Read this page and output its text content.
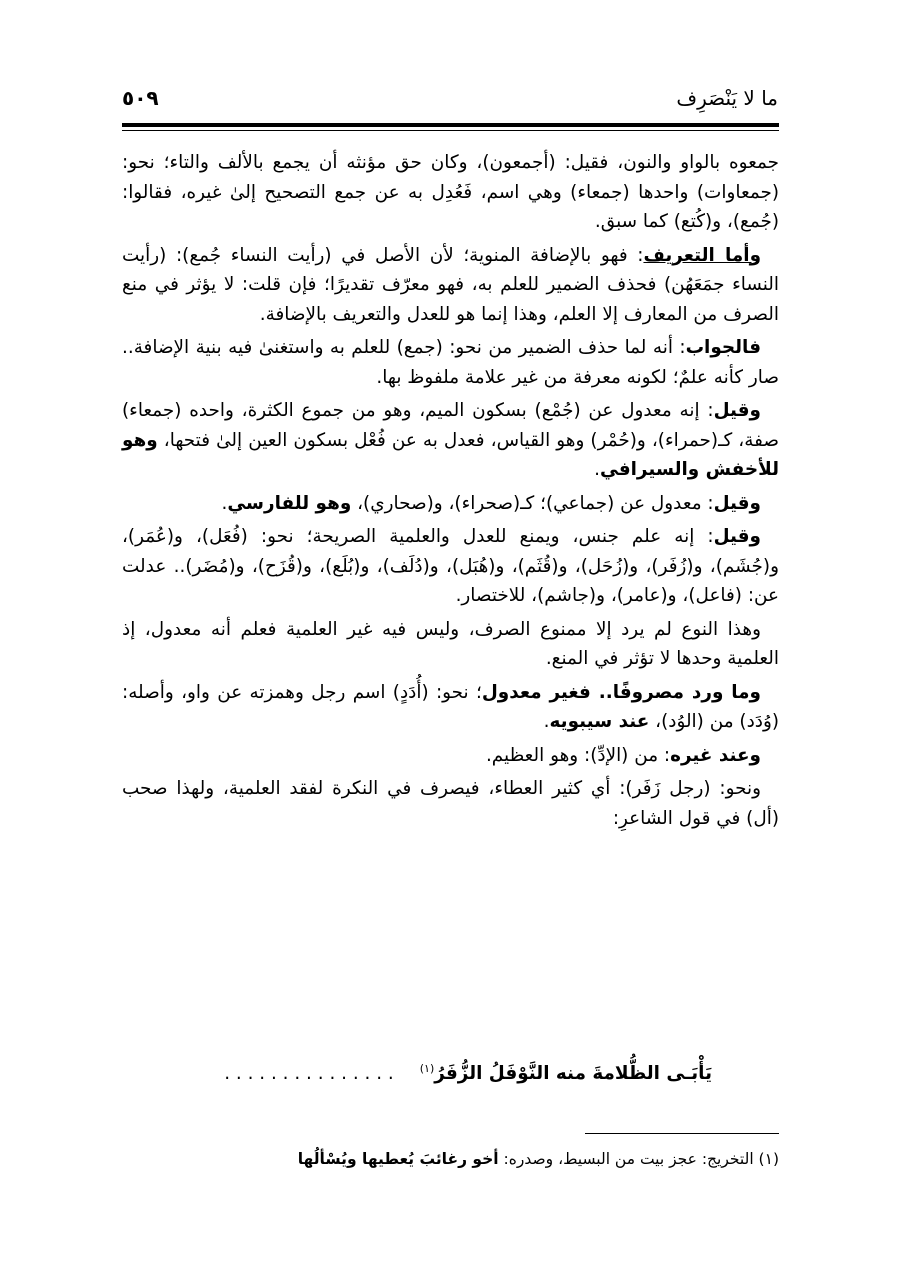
ما لا يَنْصَرِف
٥٠٩

جمعوه بالواو والنون، فقيل: (أجمعون)، وكان حق مؤنثه أن يجمع بالألف والتاء؛ نحو: (جمعاوات) واحدها (جمعاء) وهي اسم، فَعُدِل به عن جمع التصحيح إلىٰ غيره، فقالوا: (جُمع)، و(كُتع) كما سبق.

وأما التعريف: فهو بالإضافة المنوية؛ لأن الأصل في (رأيت النساء جُمع): (رأيت النساء جمَعَهُن) فحذف الضمير للعلم به، فهو معرّف تقديرًا؛ فإن قلت: لا يؤثر في منع الصرف من المعارف إلا العلم، وهذا إنما هو للعدل والتعريف بالإضافة.

فالجواب: أنه لما حذف الضمير من نحو: (جمع) للعلم به واستغنىٰ فيه بنية الإضافة.. صار كأنه علمٌ؛ لكونه معرفة من غير علامة ملفوظ بها.

وقيل: إنه معدول عن (جُمْع) بسكون الميم، وهو من جموع الكثرة، واحده (جمعاء) صفة، كـ(حمراء)، و(حُمْر) وهو القياس، فعدل به عن فُعْل بسكون العين إلىٰ فتحها، وهو للأخفش والسيرافي.

وقيل: معدول عن (جماعي)؛ كـ(صحراء)، و(صحاري)، وهو للفارسي.

وقيل: إنه علم جنس، ويمنع للعدل والعلمية الصريحة؛ نحو: (فُعَل)، و(عُمَر)، و(جُشَم)، و(زُفَر)، و(زُحَل)، و(قُثَم)، و(هُبَل)، و(دُلَف)، و(بُلَع)، و(قُزَح)، و(مُضَر).. عدلت عن: (فاعل)، و(عامر)، و(جاشم)، للاختصار.

وهذا النوع لم يرد إلا ممنوع الصرف، وليس فيه غير العلمية فعلم أنه معدول، إذ العلمية وحدها لا تؤثر في المنع.

وما ورد مصروفًا.. فغير معدول؛ نحو: (أُدَدٍ) اسم رجل وهمزته عن واو، وأصله: (وُدَد) من (الوُد)، عند سيبويه.

وعند غيره: من (الإدِّ): وهو العظيم.

ونحو: (رجل زَفَر): أي كثير العطاء، فيصرف في النكرة لفقد العلمية، ولهذا صحب (أل) في قول الشاعرِ:

يَأْبَـى الظُّلامةَ منه النَّوْفَلُ الزُّفَرُ$^{(١)}$. . . . . . . . . . . . . . .
(١) التخريج: عجز بيت من البسيط، وصدره: أخو رغائبَ يُعطيها ويُسْألُها
